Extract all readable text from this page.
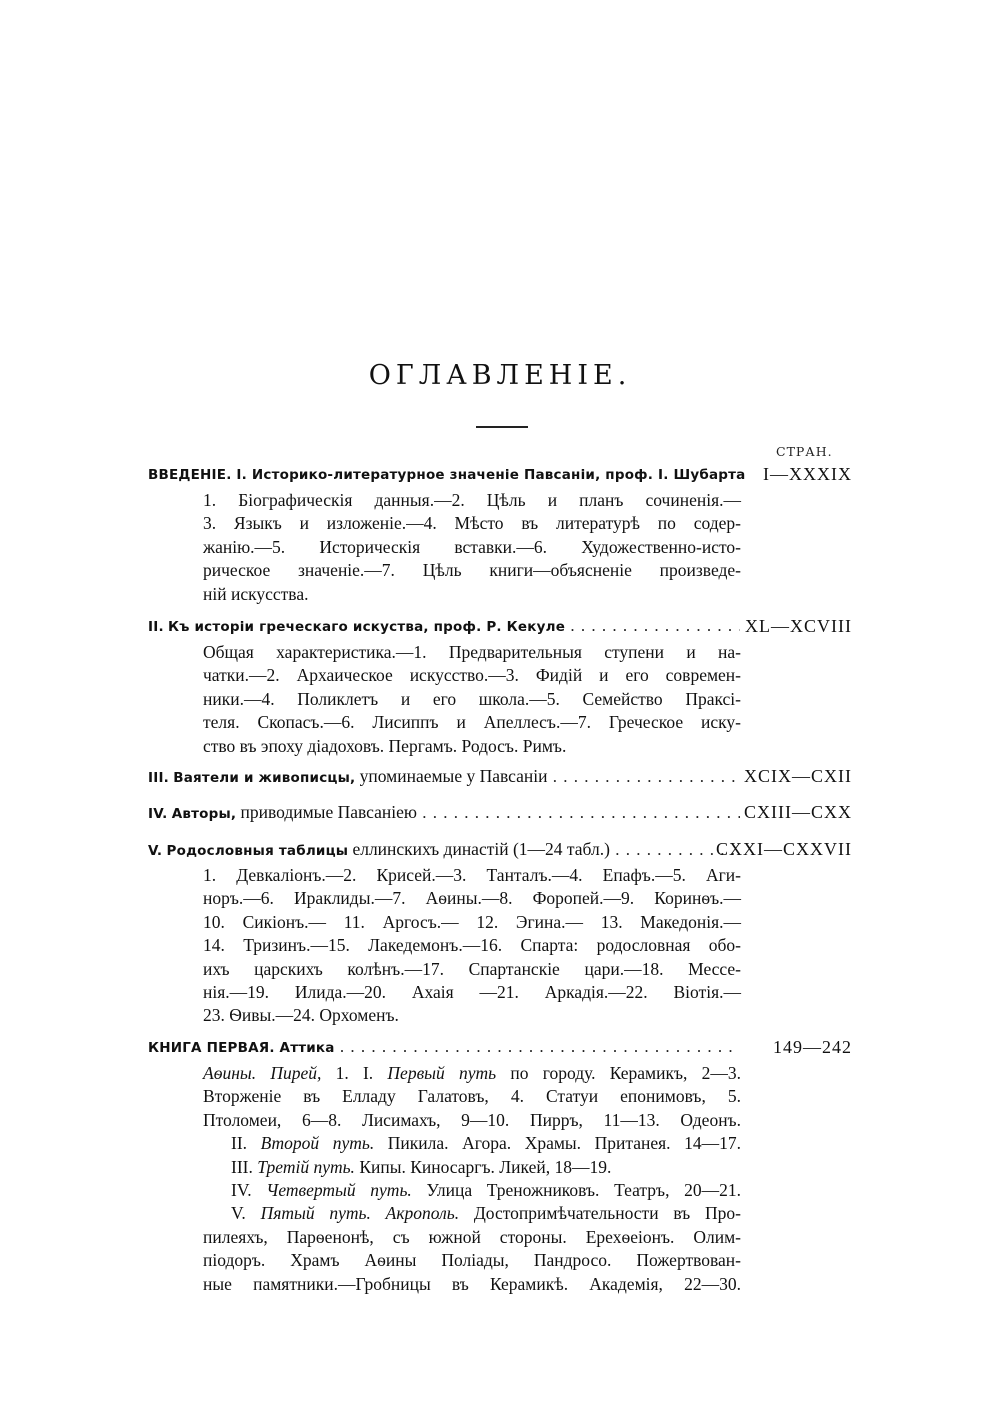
ОГЛАВЛЕНІЕ.
СТРАН.
ВВЕДЕНІЕ. І. Историко-литературное значеніе Павсаніи, проф. І. Шубарта I—XXXIX
1. Біографическія данныя.—2. Цѣль и планъ сочиненія.—
3. Языкъ и изложеніе.—4. Мѣсто въ литературѣ по содер-
жанію.—5. Историческія вставки.—6. Художественно-исто-
рическое значеніе.—7. Цѣль книги—объясненіе произведе-
ній искусства.
II. Къ исторіи греческаго искуства, проф. Р. Кекуле . . .	XL—XCVIII
Общая характеристика.—1. Предварительныя ступени и на-
чатки.—2. Архаическое искусство.—3. Фидій и его современ-
ники.—4. Поликлетъ и его школа.—5. Семейство Праксі-
теля. Скопасъ.—6. Лисиппъ и Апеллесъ.—7. Греческое иску-
ство въ эпоху діадоховъ. Пергамъ. Родосъ. Римъ.
III. Ваятели и живописцы, упоминаемые у Павсаніи . . .	XCIX—CXII
IV. Авторы, приводимые Павсаніею . . .	CXIII—CXX
V. Родословныя таблицы еллинскихъ династій (1—24 табл.) . . .	CXXI—CXXVII
1. Девкаліонъ.—2. Крисей.—3. Танталъ.—4. Епафъ.—5. Аги-
норъ.—6. Ираклиды.—7. Аѳины.—8. Форопей.—9. Коринѳъ.—
10. Сикіонъ.— 11. Аргосъ.— 12. Эгина.— 13. Македонія.—
14. Тризинъ.—15. Лакедемонъ.—16. Спарта: родословная обо-
ихъ царскихъ колѣнъ.—17. Спартанскіе цари.—18. Мессе-
нія.—19. Илида.—20. Ахаія —21. Аркадія.—22. Віотія.—
23. Ѳивы.—24. Орхоменъ.
КНИГА ПЕРВАЯ. Аттика . . .	149—242
Аѳины. Пирей, 1. І. Первый путь по городу. Керамикъ, 2—3.
Вторженіе въ Елладу Галатовъ, 4. Статуи епонимовъ, 5.
Птоломеи, 6—8. Лисимахъ, 9—10. Пирръ, 11—13. Одеонъ.
II. Второй путь. Пикила. Агора. Храмы. Пританея. 14—17.
III. Третій путь. Кипы. Киносаргъ. Ликей, 18—19.
IV. Четвертый путь. Улица Треножниковъ. Театръ, 20—21.
V. Пятый путь. Акрополь. Достопримѣчательности въ Про-
пилеяхъ, Парѳенонѣ, съ южной стороны. Ерехѳеіонъ. Олим-
піодоръ. Храмъ Аѳины Поліады, Пандросо. Пожертвован-
ные памятники.—Гробницы въ Керамикѣ. Академія, 22—30.
